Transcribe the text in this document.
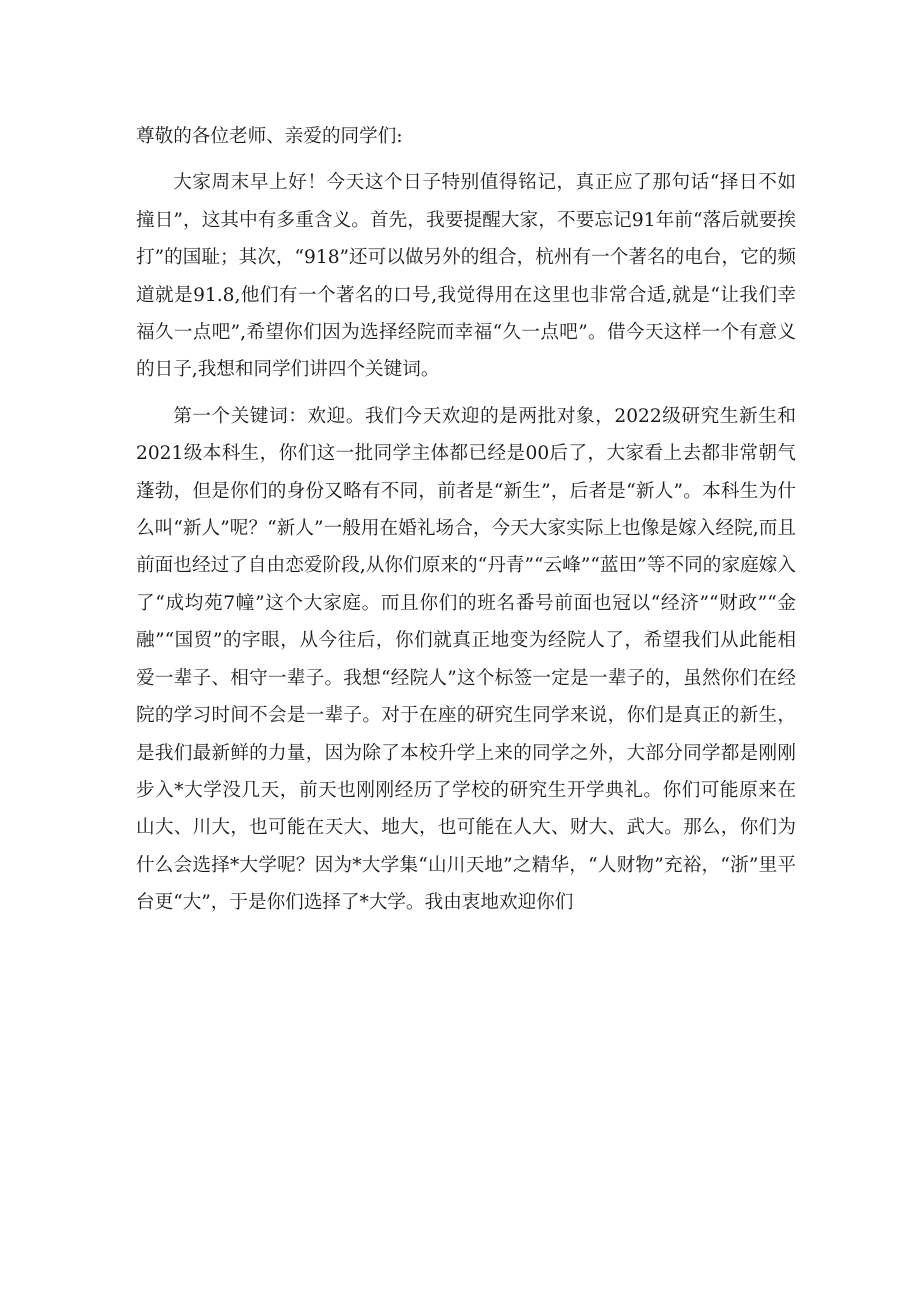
尊敬的各位老师、亲爱的同学们:

大家周末早上好！今天这个日子特别值得铭记，真正应了那句话“择日不如撞日”，这其中有多重含义。首先，我要提醒大家，不要忘记91年前“落后就要挨打”的国耻；其次，“918”还可以做另外的组合，杭州有一个著名的电台，它的频道就是91.8,他们有一个著名的口号,我觉得用在这里也非常合适,就是“让我们幸福久一点吧”,希望你们因为选择经院而幸福“久一点吧”。借今天这样一个有意义的日子,我想和同学们讲四个关键词。

第一个关键词：欢迎。我们今天欢迎的是两批对象，2022级研究生新生和2021级本科生，你们这一批同学主体都已经是00后了，大家看上去都非常朝气蓬勃，但是你们的身份又略有不同，前者是“新生”，后者是“新人”。本科生为什么叫“新人”呢？“新人”一般用在婚礼场合，今天大家实际上也像是嫁入经院,而且前面也经过了自由恋爱阶段,从你们原来的“丹青”“云峰”“蓝田”等不同的家庭嫁入了“成均苑7幢”这个大家庭。而且你们的班名番号前面也冠以“经济”“财政”“金融”“国贸”的字眼，从今往后，你们就真正地变为经院人了，希望我们从此能相爱一辈子、相守一辈子。我想“经院人”这个标签一定是一辈子的，虽然你们在经院的学习时间不会是一辈子。对于在座的研究生同学来说，你们是真正的新生，是我们最新鲜的力量，因为除了本校升学上来的同学之外，大部分同学都是刚刚步入*大学没几天，前天也刚刚经历了学校的研究生开学典礼。你们可能原来在山大、川大，也可能在天大、地大，也可能在人大、财大、武大。那么，你们为什么会选择*大学呢？因为*大学集“山川天地”之精华，“人财物”充裕，“浙”里平台更“大”，于是你们选择了*大学。我由衷地欢迎你们
